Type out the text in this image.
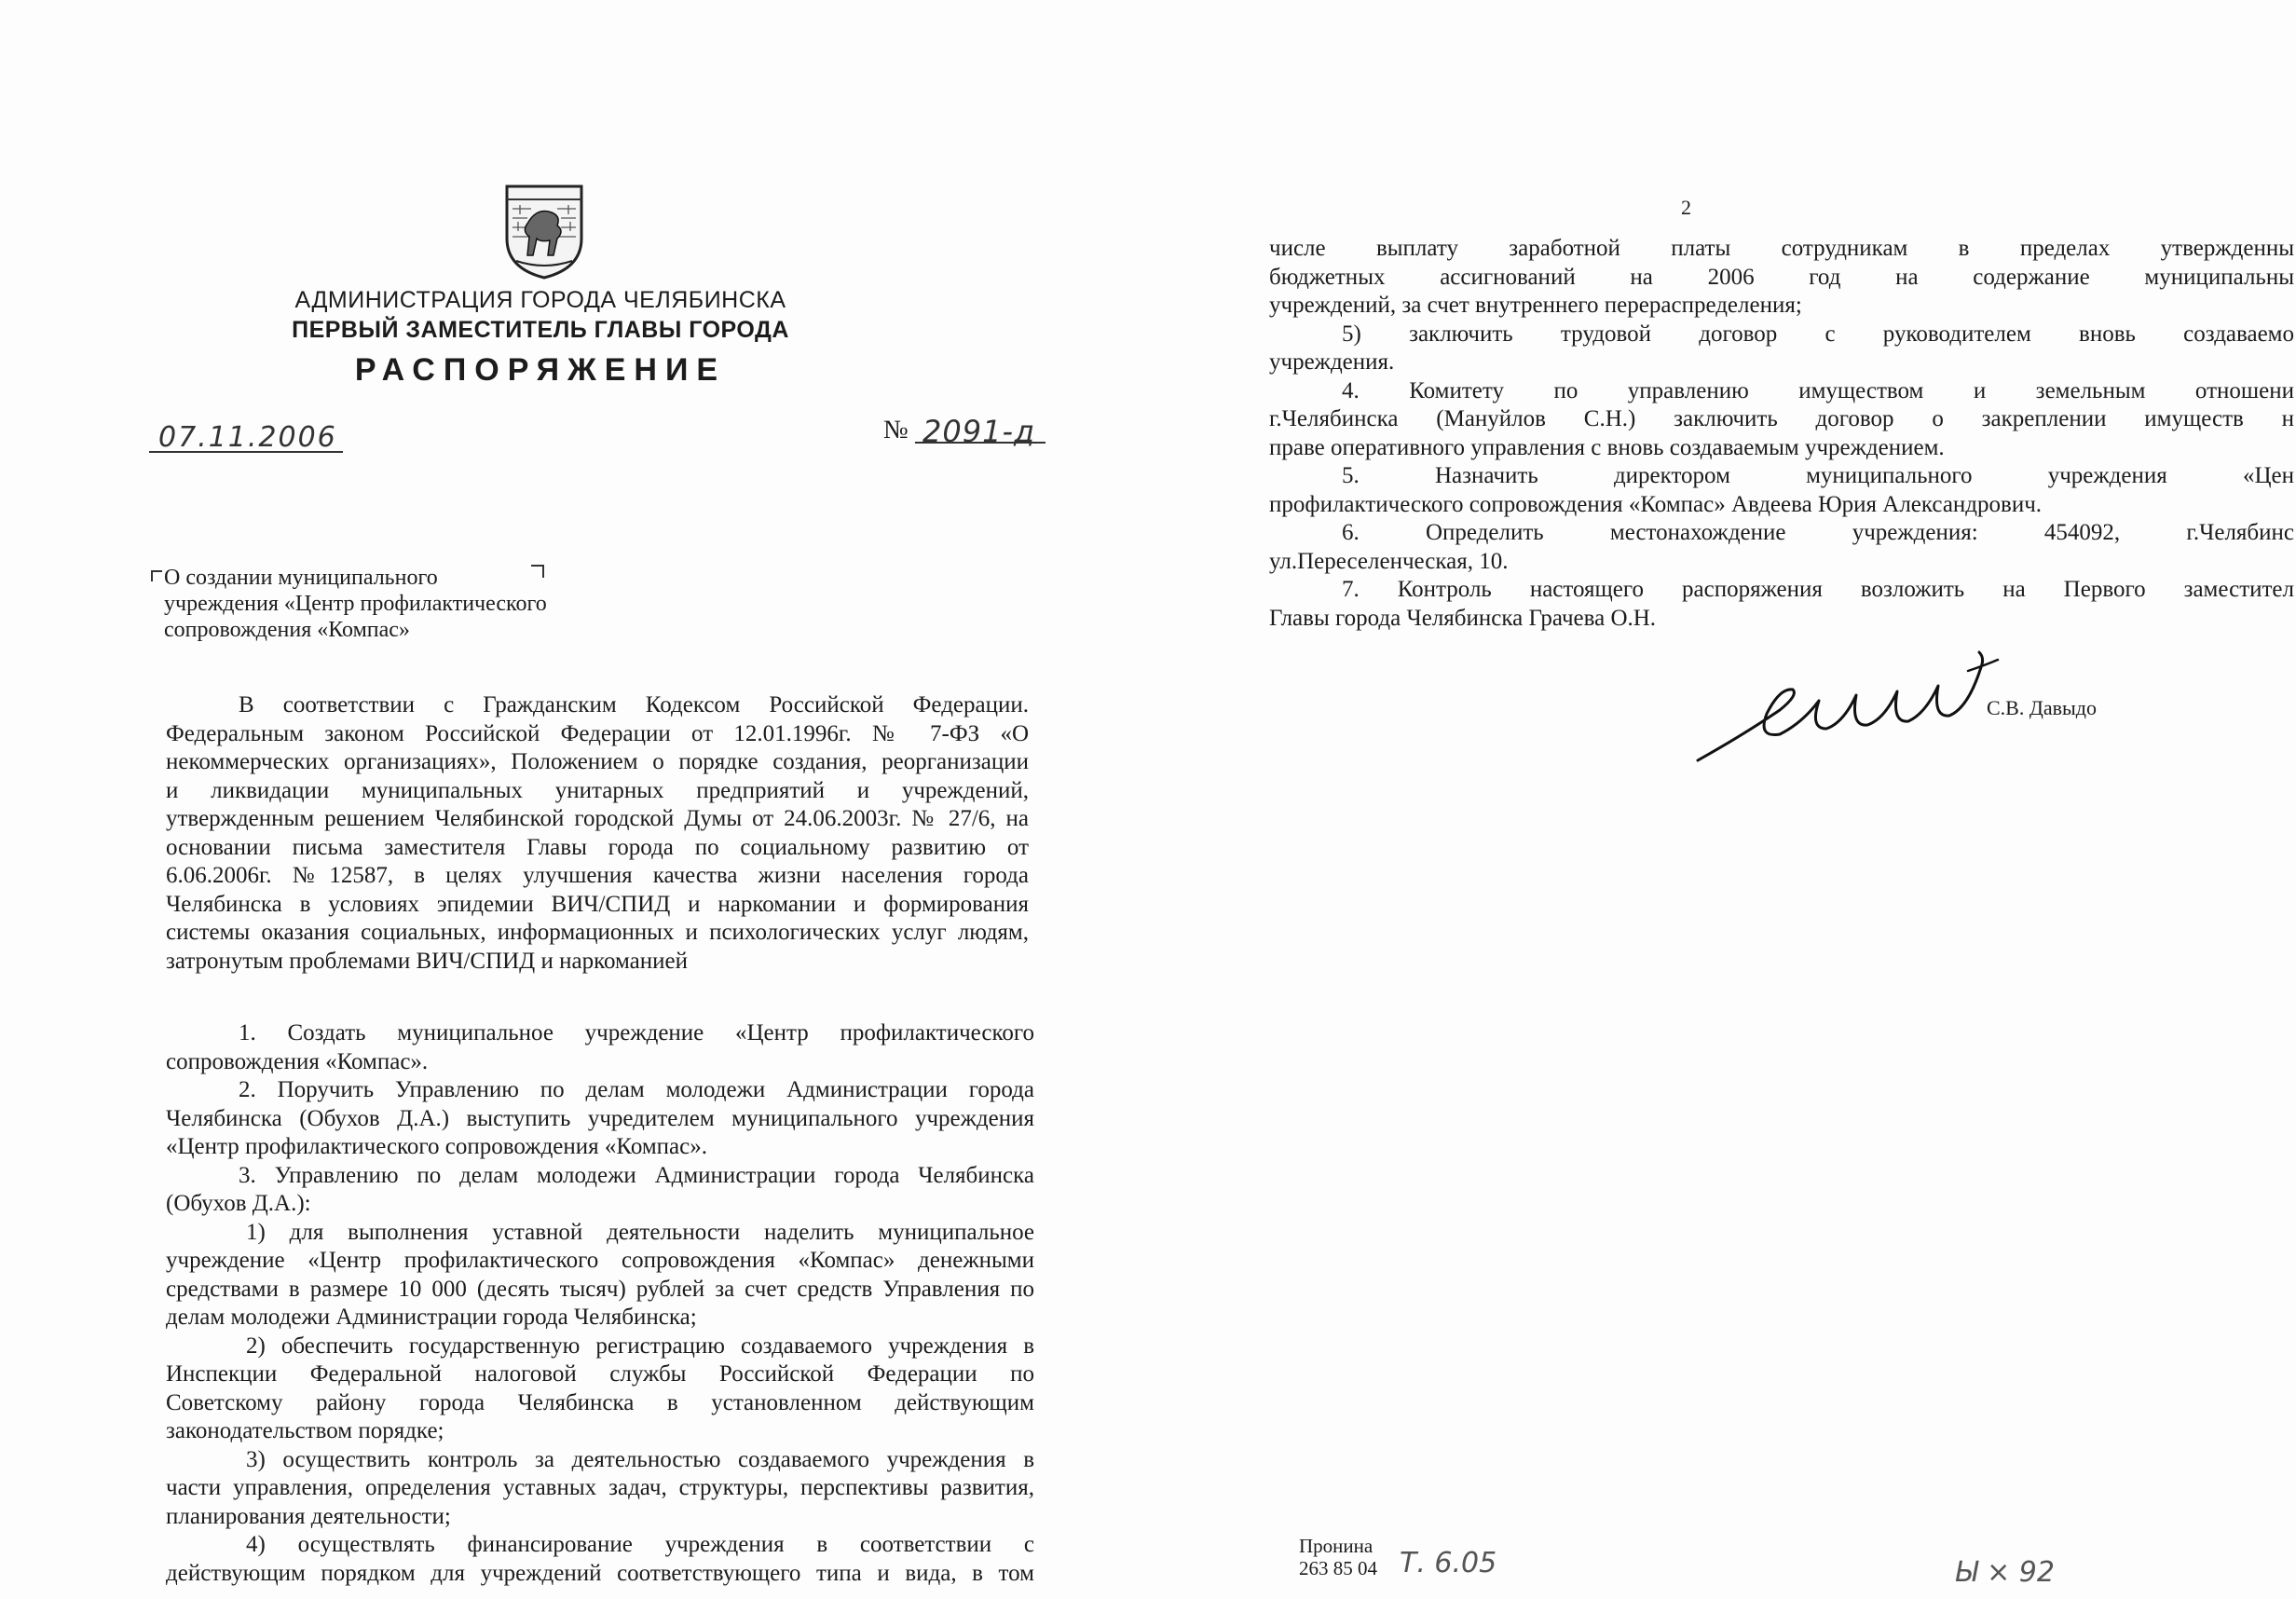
АДМИНИСТРАЦИЯ ГОРОДА ЧЕЛЯБИНСКА
ПЕРВЫЙ ЗАМЕСТИТЕЛЬ ГЛАВЫ ГОРОДА
РАСПОРЯЖЕНИЕ
07.11.2006	№ 2091-д
О создании муниципального
учреждения «Центр профилактического
сопровождения «Компас»
В соответствии с Гражданским Кодексом Российской Федерации.
Федеральным законом Российской Федерации от 12.01.1996г. № 7-ФЗ «О
некоммерческих организациях», Положением о порядке создания, реорганизации
и ликвидации муниципальных унитарных предприятий и учреждений,
утвержденным решением Челябинской городской Думы от 24.06.2003г. № 27/6, на
основании письма заместителя Главы города по социальному развитию от
6.06.2006г. №12587, в целях улучшения качества жизни населения города
Челябинска в условиях эпидемии ВИЧ/СПИД и наркомании и формирования
системы оказания социальных, информационных и психологических услуг людям,
затронутым проблемами ВИЧ/СПИД и наркоманией
1. Создать муниципальное учреждение «Центр профилактического
сопровождения «Компас».
2. Поручить Управлению по делам молодежи Администрации города
Челябинска (Обухов Д.А.) выступить учредителем муниципального учреждения
«Центр профилактического сопровождения «Компас».
3. Управлению по делам молодежи Администрации города Челябинска
(Обухов Д.А.):
1) для выполнения уставной деятельности наделить муниципальное
учреждение «Центр профилактического сопровождения «Компас» денежными
средствами в размере 10 000 (десять тысяч) рублей за счет средств Управления по
делам молодежи Администрации города Челябинска;
2) обеспечить государственную регистрацию создаваемого учреждения в
Инспекции Федеральной налоговой службы Российской Федерации по
Советскому району города Челябинска в установленном действующим
законодательством порядке;
3) осуществить контроль за деятельностью создаваемого учреждения в
части управления, определения уставных задач, структуры, перспективы развития,
планирования деятельности;
4) осуществлять финансирование учреждения в соответствии с
действующим порядком для учреждений соответствующего типа и вида, в том
2
числе выплату заработной платы сотрудникам в пределах утвержденны
бюджетных ассигнований на 2006 год на содержание муниципальны
учреждений, за счет внутреннего перераспределения;
5) заключить трудовой договор с руководителем вновь создаваемо
учреждения.
4. Комитету по управлению имуществом и земельным отношени
г.Челябинска (Мануйлов С.Н.) заключить договор о закреплении имуществ н
праве оперативного управления с вновь создаваемым учреждением.
5. Назначить директором муниципального учреждения «Цен
профилактического сопровождения «Компас» Авдеева Юрия Александрович.
6. Определить местонахождение учреждения: 454092, г.Челябинс
ул.Переселенческая, 10.
7. Контроль настоящего распоряжения возложить на Первого заместител
Главы города Челябинска Грачева О.Н.
С.В. Давыдо
Пронина
263 85 04 Т. 6.05	Ы × 92
